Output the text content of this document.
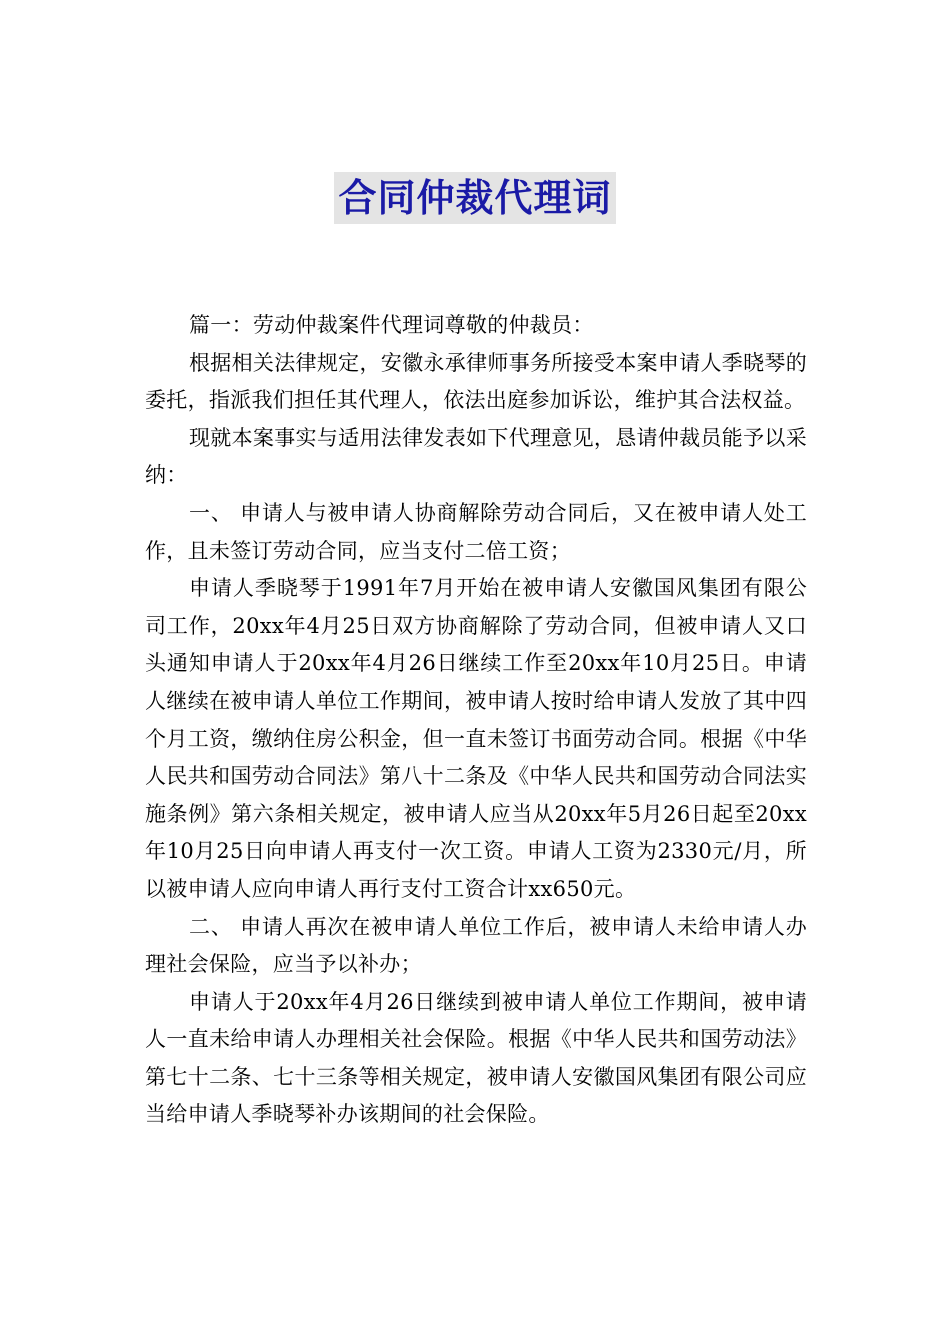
合同仲裁代理词

篇一：劳动仲裁案件代理词尊敬的仲裁员：

根据相关法律规定，安徽永承律师事务所接受本案申请人季晓琴的委托，指派我们担任其代理人，依法出庭参加诉讼，维护其合法权益。

现就本案事实与适用法律发表如下代理意见，恳请仲裁员能予以采纳：

一、 申请人与被申请人协商解除劳动合同后，又在被申请人处工作，且未签订劳动合同，应当支付二倍工资；

申请人季晓琴于1991年7月开始在被申请人安徽国风集团有限公司工作，20xx年4月25日双方协商解除了劳动合同，但被申请人又口头通知申请人于20xx年4月26日继续工作至20xx年10月25日。申请人继续在被申请人单位工作期间，被申请人按时给申请人发放了其中四个月工资，缴纳住房公积金，但一直未签订书面劳动合同。根据《中华人民共和国劳动合同法》第八十二条及《中华人民共和国劳动合同法实施条例》第六条相关规定，被申请人应当从20xx年5月26日起至20xx年10月25日向申请人再支付一次工资。申请人工资为2330元/月，所以被申请人应向申请人再行支付工资合计xx650元。

二、 申请人再次在被申请人单位工作后，被申请人未给申请人办理社会保险，应当予以补办；

申请人于20xx年4月26日继续到被申请人单位工作期间，被申请人一直未给申请人办理相关社会保险。根据《中华人民共和国劳动法》第七十二条、七十三条等相关规定，被申请人安徽国风集团有限公司应当给申请人季晓琴补办该期间的社会保险。
